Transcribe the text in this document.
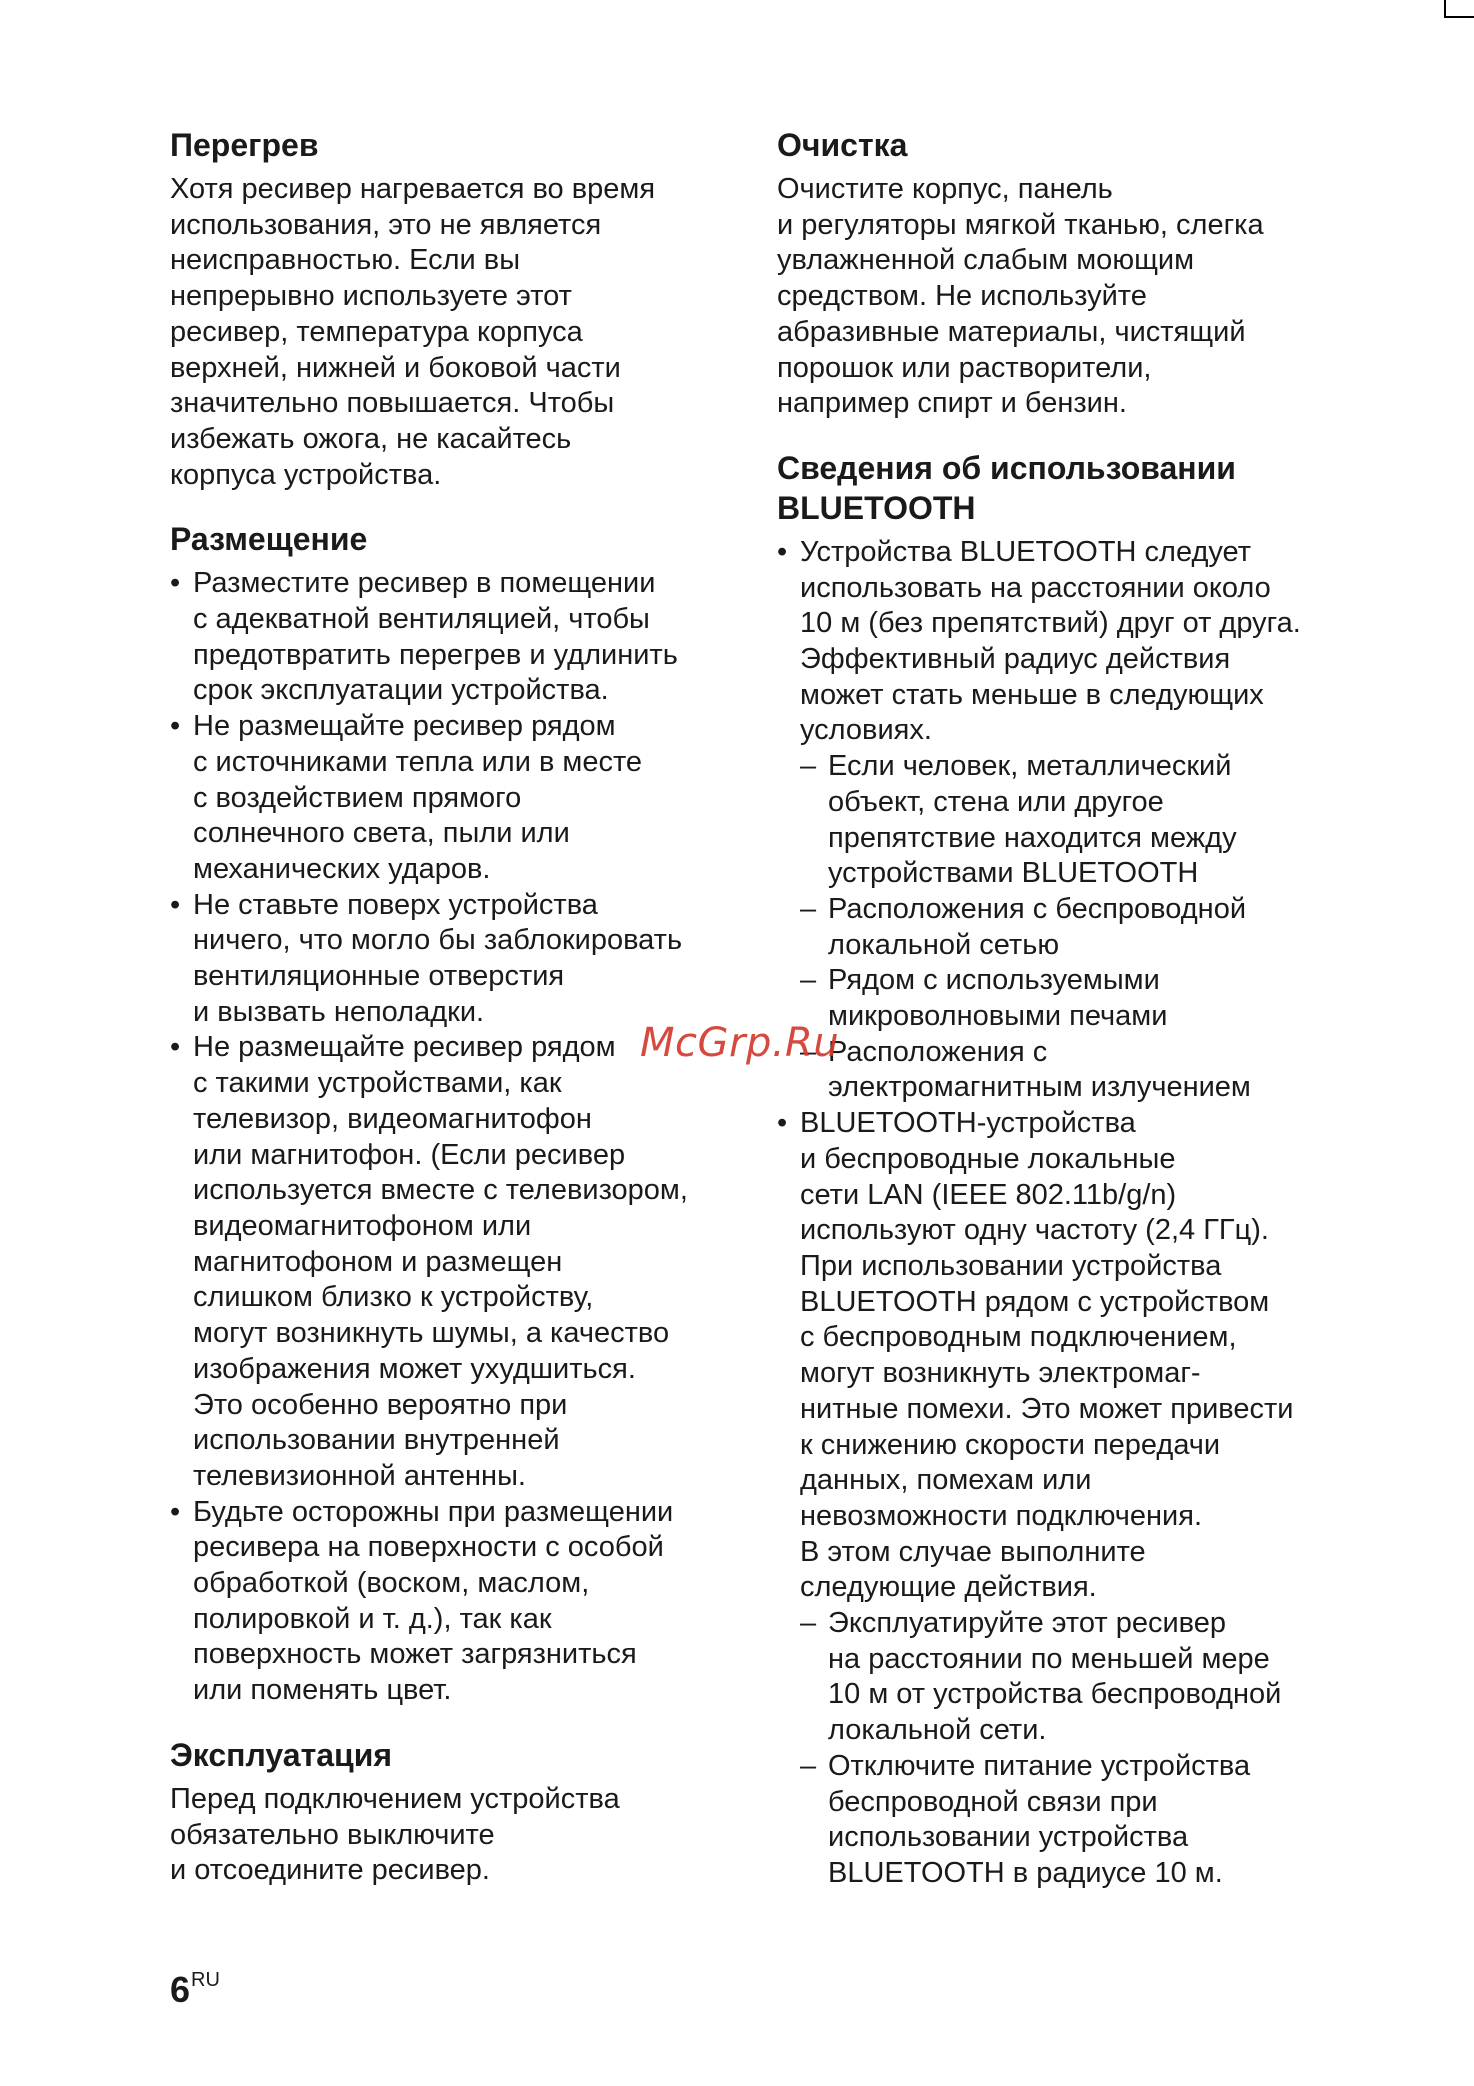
Перегрев

Хотя ресивер нагревается во время
использования, это не является
неисправностью. Если вы
непрерывно используете этот
ресивер, температура корпуса
верхней, нижней и боковой части
значительно повышается. Чтобы
избежать ожога, не касайтесь
корпуса устройства.

Размещение
• Разместите ресивер в помещении
с адекватной вентиляцией, чтобы
предотвратить перегрев и удлинить
срок эксплуатации устройства.
• Не размещайте ресивер рядом
с источниками тепла или в месте
с воздействием прямого
солнечного света, пыли или
механических ударов.
• Не ставьте поверх устройства
ничего, что могло бы заблокировать
вентиляционные отверстия
и вызвать неполадки.
• Не размещайте ресивер рядом
с такими устройствами, как
телевизор, видеомагнитофон
или магнитофон. (Если ресивер
используется вместе с телевизором,
видеомагнитофоном или
магнитофоном и размещен
слишком близко к устройству,
могут возникнуть шумы, а качество
изображения может ухудшиться.
Это особенно вероятно при
использовании внутренней
телевизионной антенны.
• Будьте осторожны при размещении
ресивера на поверхности с особой
обработкой (воском, маслом,
полировкой и т. д.), так как
поверхность может загрязниться
или поменять цвет.
Эксплуатация

Перед подключением устройства
обязательно выключите
и отсоедините ресивер.

Очистка

Очистите корпус, панель
и регуляторы мягкой тканью, слегка
увлажненной слабым моющим
средством. Не используйте
абразивные материалы, чистящий
порошок или растворители,
например спирт и бензин.

Сведения об использовании
BLUETOOTH
• Устройства BLUETOOTH следует
использовать на расстоянии около
10 м (без препятствий) друг от друга.
Эффективный радиус действия
может стать меньше в следующих
условиях.
– Если человек, металлический
объект, стена или другое
препятствие находится между
устройствами BLUETOOTH
– Расположения с беспроводной
локальной сетью
– Рядом с используемыми
микроволновыми печами
– Расположения с
электромагнитным излучением
• BLUETOOTH-устройства
и беспроводные локальные
сети LAN (IEEE 802.11b/g/n)
используют одну частоту (2,4 ГГц).
При использовании устройства
BLUETOOTH рядом с устройством
с беспроводным подключением,
могут возникнуть электромаг-
нитные помехи. Это может привести
к снижению скорости передачи
данных, помехам или
невозможности подключения.
В этом случае выполните
следующие действия.
– Эксплуатируйте этот ресивер
на расстоянии по меньшей мере
10 м от устройства беспроводной
локальной сети.
– Отключите питание устройства
беспроводной связи при
использовании устройства
BLUETOOTH в радиусе 10 м.
McGrp.Ru
$6^{RU}$
